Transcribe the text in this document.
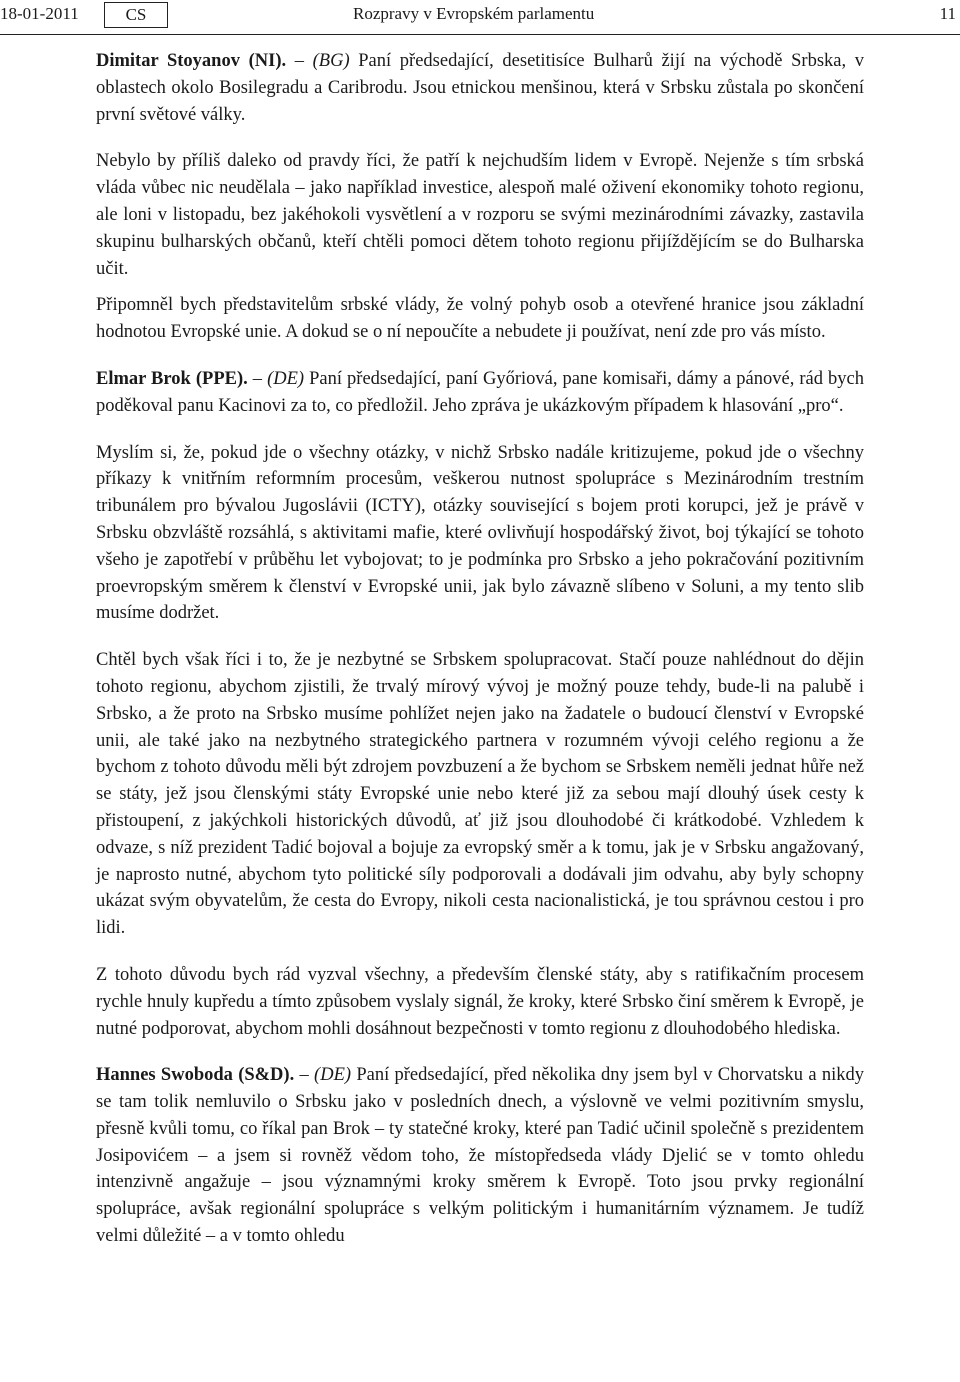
18-01-2011	CS	Rozpravy v Evropském parlamentu	11

Dimitar Stoyanov (NI). – (BG) Paní předsedající, desetitisíce Bulharů žijí na východě Srbska, v oblastech okolo Bosilegradu a Caribrodu. Jsou etnickou menšinou, která v Srbsku zůstala po skončení první světové války.

Nebylo by příliš daleko od pravdy říci, že patří k nejchudším lidem v Evropě. Nejenže s tím srbská vláda vůbec nic neudělala – jako například investice, alespoň malé oživení ekonomiky tohoto regionu, ale loni v listopadu, bez jakéhokoli vysvětlení a v rozporu se svými mezinárodními závazky, zastavila skupinu bulharských občanů, kteří chtěli pomoci dětem tohoto regionu přijíždějícím se do Bulharska učit.

Připomněl bych představitelům srbské vlády, že volný pohyb osob a otevřené hranice jsou základní hodnotou Evropské unie. A dokud se o ní nepoučíte a nebudete ji používat, není zde pro vás místo.

Elmar Brok (PPE). – (DE) Paní předsedající, paní Győriová, pane komisaři, dámy a pánové, rád bych poděkoval panu Kacinovi za to, co předložil. Jeho zpráva je ukázkovým případem k hlasování „pro“.

Myslím si, že, pokud jde o všechny otázky, v nichž Srbsko nadále kritizujeme, pokud jde o všechny příkazy k vnitřním reformním procesům, veškerou nutnost spolupráce s Mezinárodním trestním tribunálem pro bývalou Jugoslávii (ICTY), otázky související s bojem proti korupci, jež je právě v Srbsku obzvláště rozsáhlá, s aktivitami mafie, které ovlivňují hospodářský život, boj týkající se tohoto všeho je zapotřebí v průběhu let vybojovat; to je podmínka pro Srbsko a jeho pokračování pozitivním proevropským směrem k členství v Evropské unii, jak bylo závazně slíbeno v Soluni, a my tento slib musíme dodržet.

Chtěl bych však říci i to, že je nezbytné se Srbskem spolupracovat. Stačí pouze nahlédnout do dějin tohoto regionu, abychom zjistili, že trvalý mírový vývoj je možný pouze tehdy, bude-li na palubě i Srbsko, a že proto na Srbsko musíme pohlížet nejen jako na žadatele o budoucí členství v Evropské unii, ale také jako na nezbytného strategického partnera v rozumném vývoji celého regionu a že bychom z tohoto důvodu měli být zdrojem povzbuzení a že bychom se Srbskem neměli jednat hůře než se státy, jež jsou členskými státy Evropské unie nebo které již za sebou mají dlouhý úsek cesty k přistoupení, z jakýchkoli historických důvodů, ať již jsou dlouhodobé či krátkodobé. Vzhledem k odvaze, s níž prezident Tadić bojoval a bojuje za evropský směr a k tomu, jak je v Srbsku angažovaný, je naprosto nutné, abychom tyto politické síly podporovali a dodávali jim odvahu, aby byly schopny ukázat svým obyvatelům, že cesta do Evropy, nikoli cesta nacionalistická, je tou správnou cestou i pro lidi.

Z tohoto důvodu bych rád vyzval všechny, a především členské státy, aby s ratifikačním procesem rychle hnuly kupředu a tímto způsobem vyslaly signál, že kroky, které Srbsko činí směrem k Evropě, je nutné podporovat, abychom mohli dosáhnout bezpečnosti v tomto regionu z dlouhodobého hlediska.

Hannes Swoboda (S&D). – (DE) Paní předsedající, před několika dny jsem byl v Chorvatsku a nikdy se tam tolik nemluvilo o Srbsku jako v posledních dnech, a výslovně ve velmi pozitivním smyslu, přesně kvůli tomu, co říkal pan Brok – ty statečné kroky, které pan Tadić učinil společně s prezidentem Josipovićem – a jsem si rovněž vědom toho, že místopředseda vlády Djelić se v tomto ohledu intenzivně angažuje – jsou významnými kroky směrem k Evropě. Toto jsou prvky regionální spolupráce, avšak regionální spolupráce s velkým politickým i humanitárním významem. Je tudíž velmi důležité – a v tomto ohledu
